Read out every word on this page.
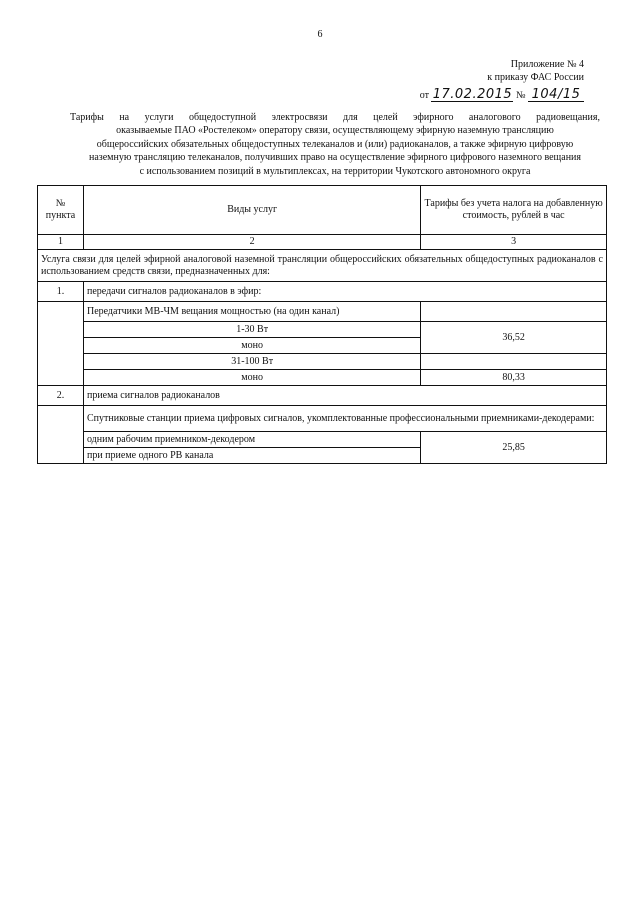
6
Приложение № 4
к приказу ФАС России
от 17.02.2015 № 104/15

Тарифы на услуги общедоступной электросвязи для целей эфирного аналогового радиовещания,

оказываемые ПАО «Ростелеком» оператору связи, осуществляющему эфирную наземную трансляцию

общероссийских обязательных общедоступных телеканалов и (или) радиоканалов, а также эфирную цифровую

наземную трансляцию телеканалов, получивших право на осуществление эфирного цифрового наземного вещания

с использованием позиций в мультиплексах, на территории Чукотского автономного округа

№ пункта	Виды услуг	Тарифы без учета налога на добавленную стоимость, рублей в час
1	2	3
Услуга связи для целей эфирной аналоговой наземной трансляции общероссийских обязательных общедоступных радиоканалов с использованием средств связи, предназначенных для:		
1.	передачи сигналов радиоканалов в эфир:	
	Передатчики МВ-ЧМ вещания мощностью (на один канал)	
	1-30 Вт	36,52
	моно	
	31-100 Вт	
	моно	80,33
2.	приема сигналов радиоканалов	
	Спутниковые станции приема цифровых сигналов, укомплектованные профессиональными приемниками-декодерами:	
	одним рабочим приемником-декодером	25,85
	при приеме одного РВ канала	
